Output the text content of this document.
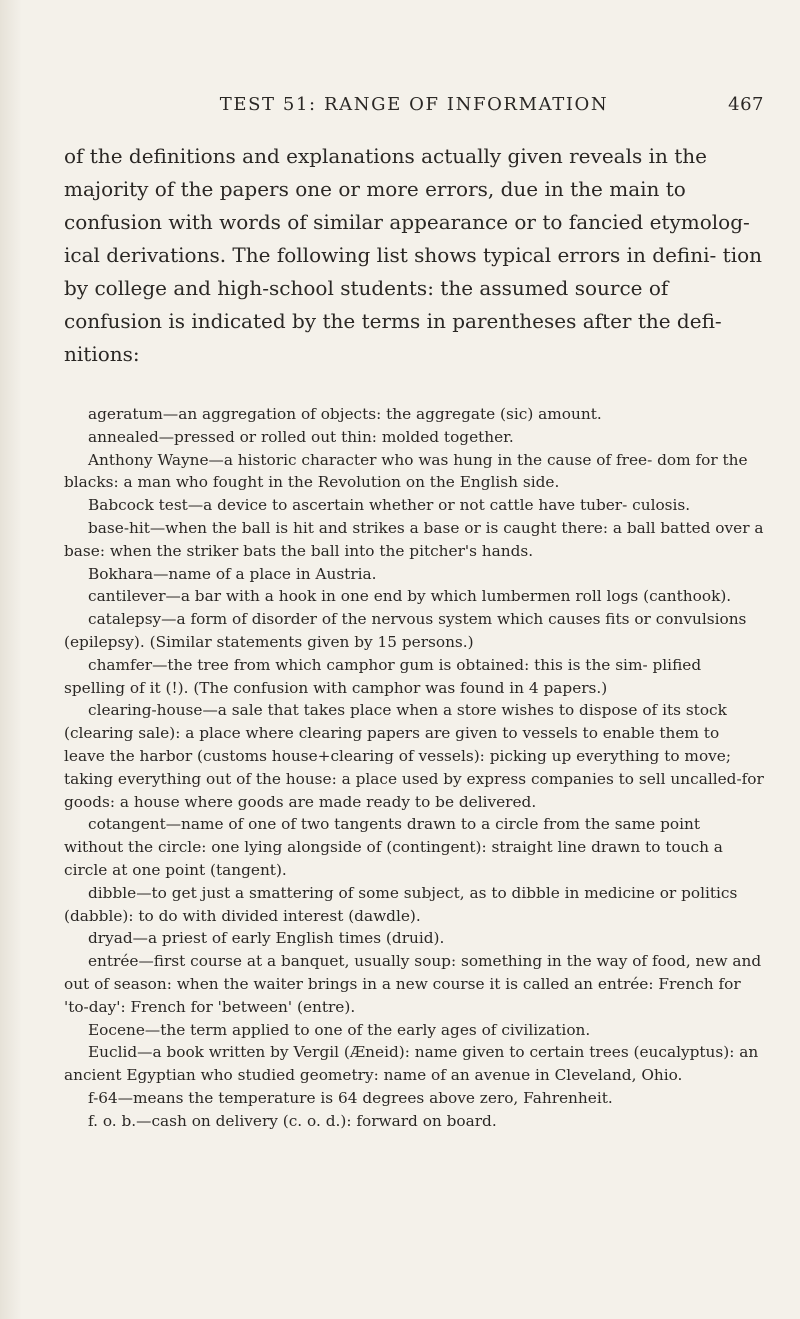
TEST 51: RANGE OF INFORMATION	467

of the definitions and explanations actually given reveals in the majority of the papers one or more errors, due in the main to confusion with words of similar appearance or to fancied etymolog- ical derivations. The following list shows typical errors in defini- tion by college and high-school students: the assumed source of confusion is indicated by the terms in parentheses after the defi- nitions:

ageratum—an aggregation of objects: the aggregate (sic) amount.

annealed—pressed or rolled out thin: molded together.

Anthony Wayne—a historic character who was hung in the cause of free- dom for the blacks: a man who fought in the Revolution on the English side.

Babcock test—a device to ascertain whether or not cattle have tuber- culosis.

base-hit—when the ball is hit and strikes a base or is caught there: a ball batted over a base: when the striker bats the ball into the pitcher's hands.

Bokhara—name of a place in Austria.

cantilever—a bar with a hook in one end by which lumbermen roll logs (canthook).

catalepsy—a form of disorder of the nervous system which causes fits or convulsions (epilepsy). (Similar statements given by 15 persons.)

chamfer—the tree from which camphor gum is obtained: this is the sim- plified spelling of it (!). (The confusion with camphor was found in 4 papers.)

clearing-house—a sale that takes place when a store wishes to dispose of its stock (clearing sale): a place where clearing papers are given to vessels to enable them to leave the harbor (customs house+clearing of vessels): picking up everything to move; taking everything out of the house: a place used by express companies to sell uncalled-for goods: a house where goods are made ready to be delivered.

cotangent—name of one of two tangents drawn to a circle from the same point without the circle: one lying alongside of (contingent): straight line drawn to touch a circle at one point (tangent).

dibble—to get just a smattering of some subject, as to dibble in medicine or politics (dabble): to do with divided interest (dawdle).

dryad—a priest of early English times (druid).

entrée—first course at a banquet, usually soup: something in the way of food, new and out of season: when the waiter brings in a new course it is called an entrée: French for 'to-day': French for 'between' (entre).

Eocene—the term applied to one of the early ages of civilization.

Euclid—a book written by Vergil (Æneid): name given to certain trees (eucalyptus): an ancient Egyptian who studied geometry: name of an avenue in Cleveland, Ohio.

f-64—means the temperature is 64 degrees above zero, Fahrenheit.

f. o. b.—cash on delivery (c. o. d.): forward on board.
